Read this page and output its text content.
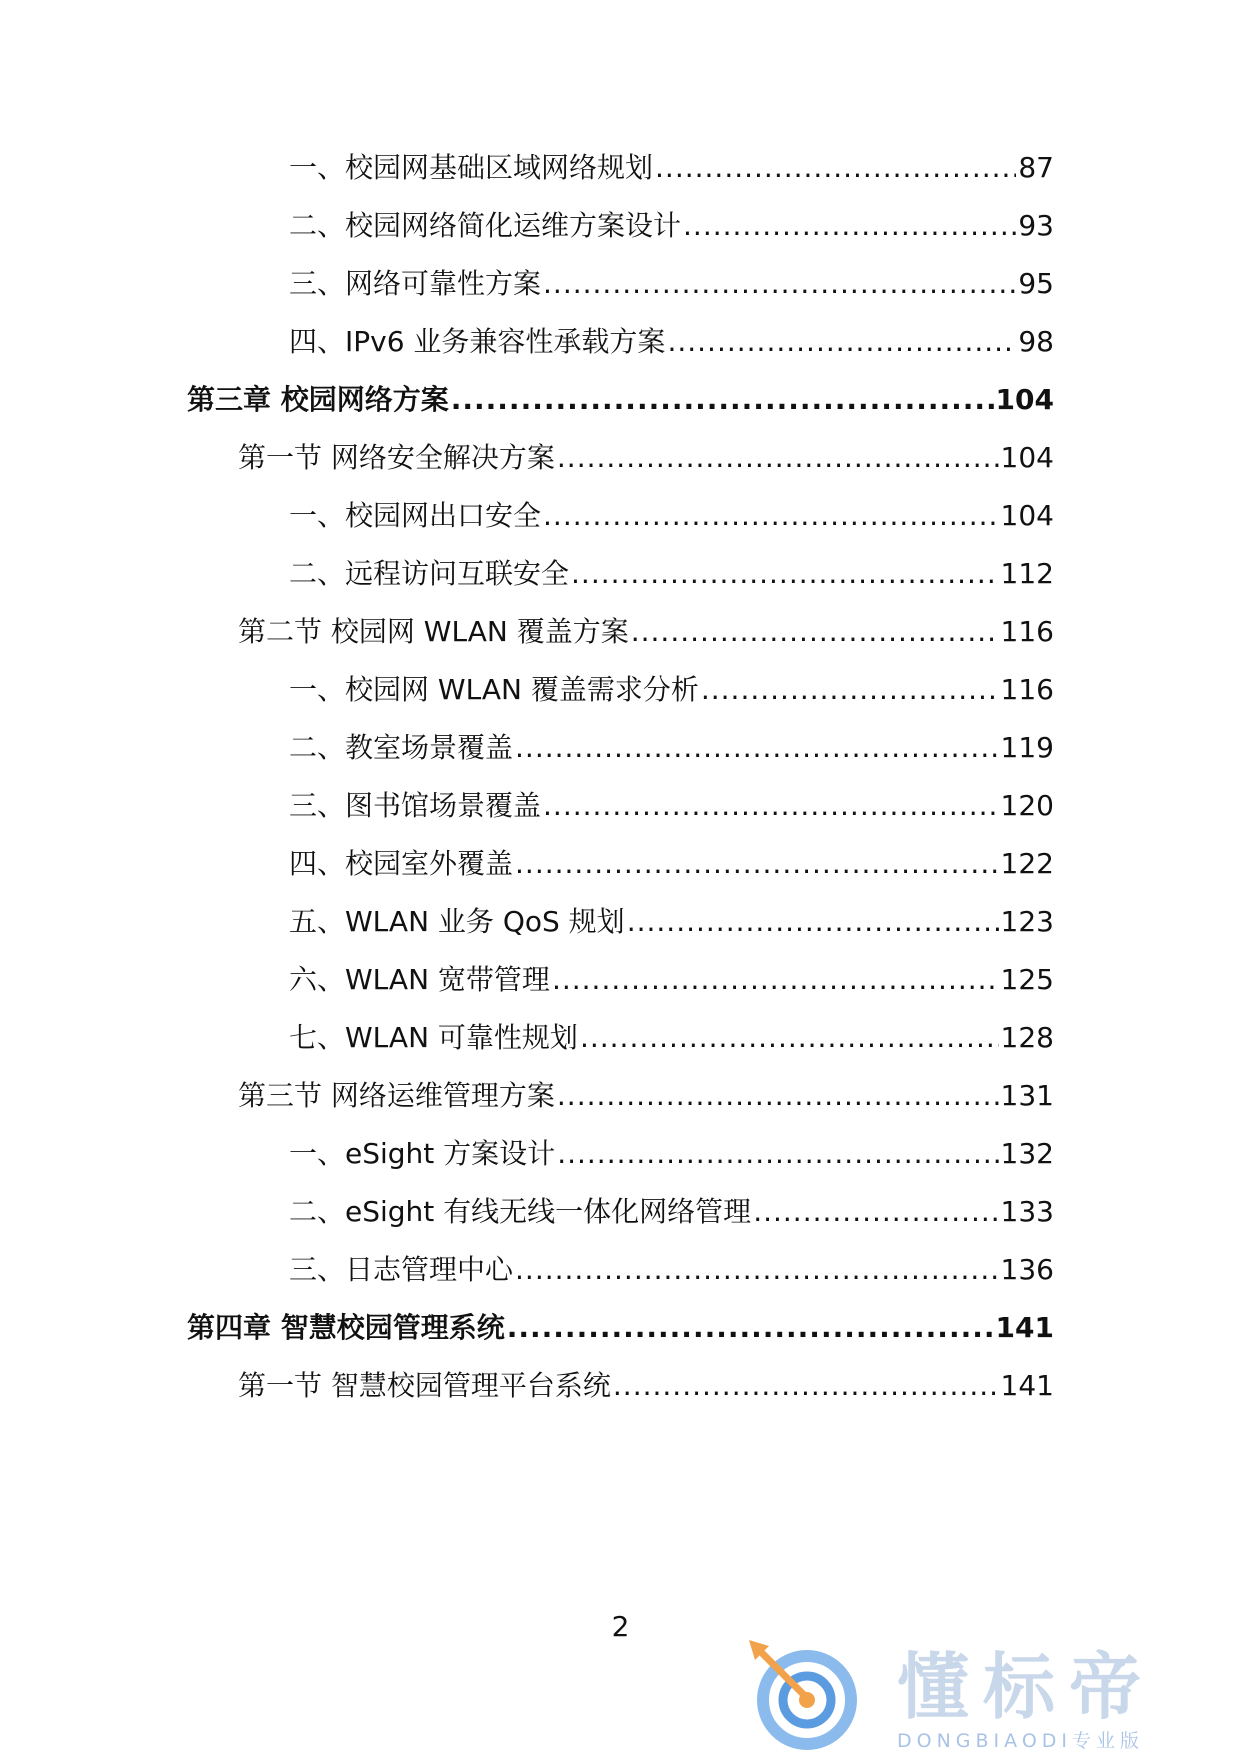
一、校园网基础区域网络规划 .....	87
二、校园网络简化运维方案设计 .....	93
三、网络可靠性方案 .....	95
四、IPv6 业务兼容性承载方案 .....	98
第三章 校园网络方案 .....	104
第一节 网络安全解决方案 .....	104
一、校园网出口安全 .....	104
二、远程访问互联安全 .....	112
第二节 校园网 WLAN 覆盖方案 .....	116
一、校园网 WLAN 覆盖需求分析 .....	116
二、教室场景覆盖 .....	119
三、图书馆场景覆盖 .....	120
四、校园室外覆盖 .....	122
五、WLAN 业务 QoS 规划 .....	123
六、WLAN 宽带管理 .....	125
七、WLAN 可靠性规划 .....	128
第三节 网络运维管理方案 .....	131
一、eSight 方案设计 .....	132
二、eSight 有线无线一体化网络管理 .....	133
三、日志管理中心 .....	136
第四章 智慧校园管理系统 .....	141
第一节 智慧校园管理平台系统 .....	141
2
懂标帝
DONGBIAODI专业版
